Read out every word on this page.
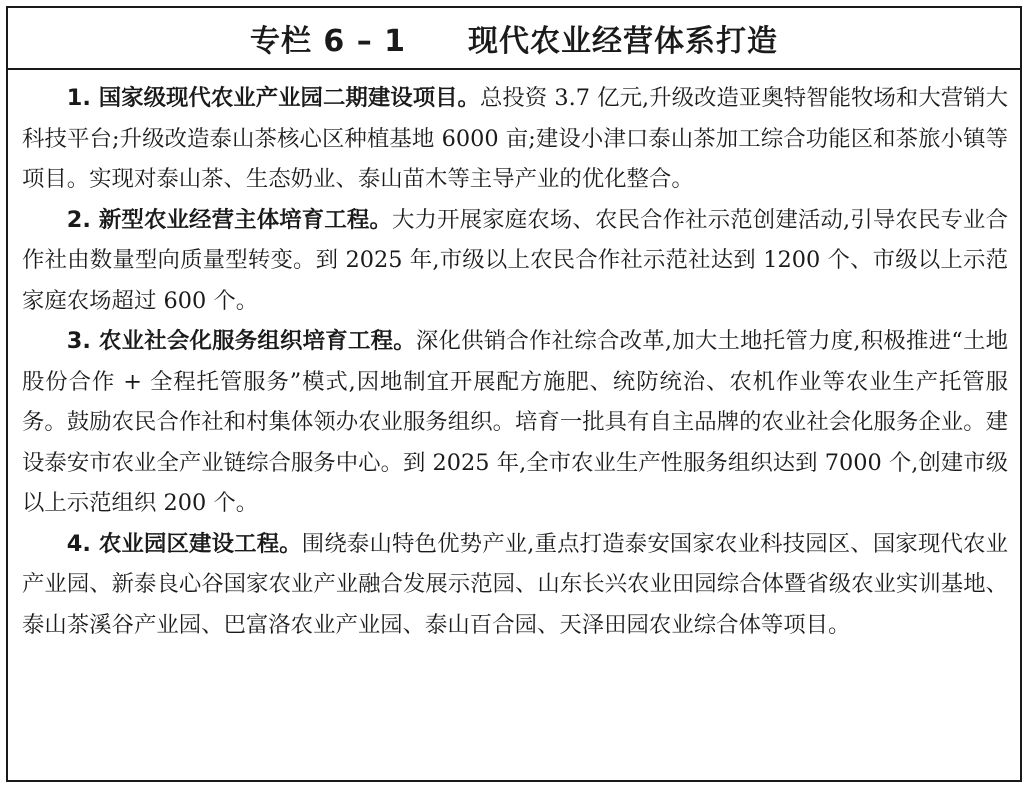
专栏 6 – 1　　现代农业经营体系打造

1. 国家级现代农业产业园二期建设项目。总投资 3.7 亿元,升级改造亚奥特智能牧场和大营销大科技平台;升级改造泰山茶核心区种植基地 6000 亩;建设小津口泰山茶加工综合功能区和茶旅小镇等项目。实现对泰山茶、生态奶业、泰山苗木等主导产业的优化整合。

2. 新型农业经营主体培育工程。大力开展家庭农场、农民合作社示范创建活动,引导农民专业合作社由数量型向质量型转变。到 2025 年,市级以上农民合作社示范社达到 1200 个、市级以上示范家庭农场超过 600 个。

3. 农业社会化服务组织培育工程。深化供销合作社综合改革,加大土地托管力度,积极推进“土地股份合作 + 全程托管服务”模式,因地制宜开展配方施肥、统防统治、农机作业等农业生产托管服务。鼓励农民合作社和村集体领办农业服务组织。培育一批具有自主品牌的农业社会化服务企业。建设泰安市农业全产业链综合服务中心。到 2025 年,全市农业生产性服务组织达到 7000 个,创建市级以上示范组织 200 个。

4. 农业园区建设工程。围绕泰山特色优势产业,重点打造泰安国家农业科技园区、国家现代农业产业园、新泰良心谷国家农业产业融合发展示范园、山东长兴农业田园综合体暨省级农业实训基地、泰山茶溪谷产业园、巴富洛农业产业园、泰山百合园、天泽田园农业综合体等项目。
